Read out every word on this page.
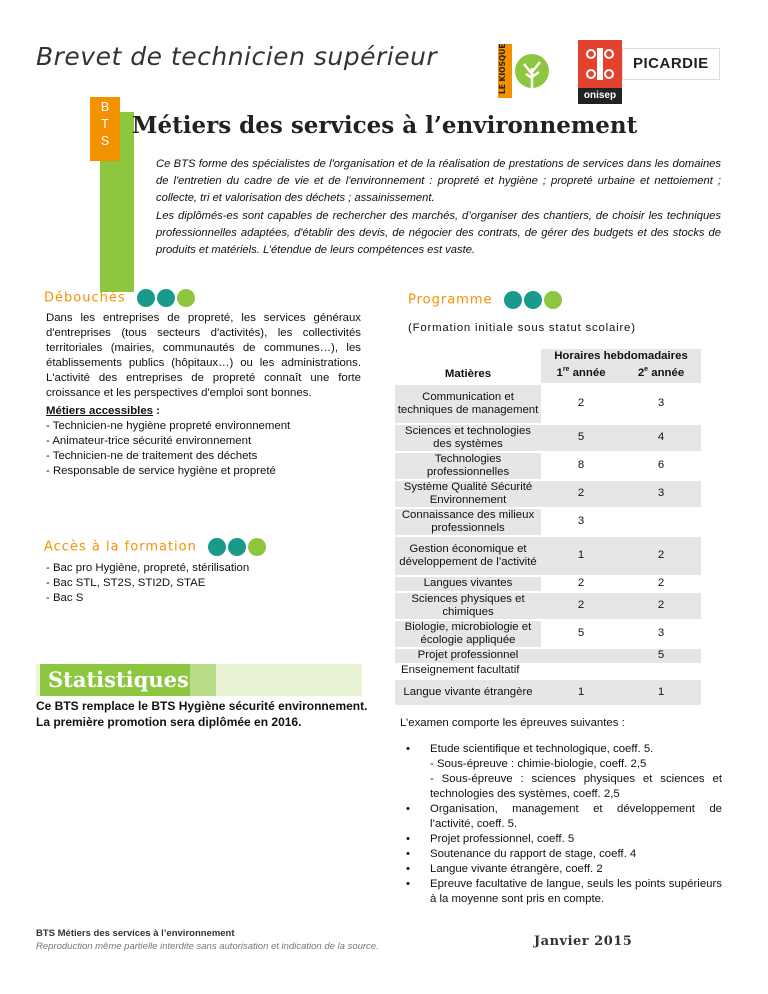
Brevet de technicien supérieur	LE KIOSQUE	PICARDIE
onisep
B
T
S
Métiers des services à l’environnement

Ce BTS forme des spécialistes de l'organisation et de la réalisation de prestations de services dans les domaines de l'entretien du cadre de vie et de l'environnement : propreté et hygiène ; propreté urbaine et nettoiement ; collecte, tri et valorisation des déchets ; assainissement.

Les diplômés-es sont capables de rechercher des marchés, d’organiser des chantiers, de choisir les techniques professionnelles adaptées, d'établir des devis, de négocier des contrats, de gérer des budgets et des stocks de produits et matériels. L’étendue de leurs compétences est vaste.

Débouchés
Dans les entreprises de propreté, les services généraux d'entreprises (tous secteurs d'activités), les collectivités territoriales (mairies, communautés de communes…), les établissements publics (hôpitaux…) ou les administrations. L'activité des entreprises de propreté connaît une forte croissance et les perspectives d'emploi sont bonnes.
Métiers accessibles :
- Technicien-ne hygiène propreté environnement
- Animateur-trice sécurité environnement
- Technicien-ne de traitement des déchets
- Responsable de service hygiène et propreté
Accès à la formation
- Bac pro Hygiène, propreté, stérilisation
- Bac STL, ST2S, STI2D, STAE
- Bac S
Statistiques
Ce BTS remplace le BTS Hygiène sécurité environnement. La première promotion sera diplômée en 2016.
Programme
(Formation initiale sous statut scolaire)
Matières	Horaires hebdomadaires	
	1re année	2e année
Communication et techniques de management	2	3
Sciences et technologies des systèmes	5	4
Technologies professionnelles	8	6
Système Qualité Sécurité Environnement	2	3
Connaissance des milieux professionnels	3	
Gestion économique et développement de l’activité	1	2
Langues vivantes	2	2
Sciences physiques et chimiques	2	2
Biologie, microbiologie et écologie appliquée	5	3
Projet professionnel		5
Enseignement facultatif		
Langue vivante étrangère	1	1
L’examen comporte les épreuves suivantes :
• Etude scientifique et technologique, coeff. 5.
- Sous-épreuve : chimie-biologie, coeff. 2,5
- Sous-épreuve : sciences physiques et sciences et technologies des systèmes, coeff. 2,5
• Organisation, management et développement de l’activité, coeff. 5.
• Projet professionnel, coeff. 5
• Soutenance du rapport de stage, coeff. 4
• Langue vivante étrangère, coeff. 2
• Epreuve facultative de langue, seuls les points supérieurs à la moyenne sont pris en compte.
BTS Métiers des services à l’environnement
Reproduction même partielle interdite sans autorisation et indication de la source.	Janvier 2015
